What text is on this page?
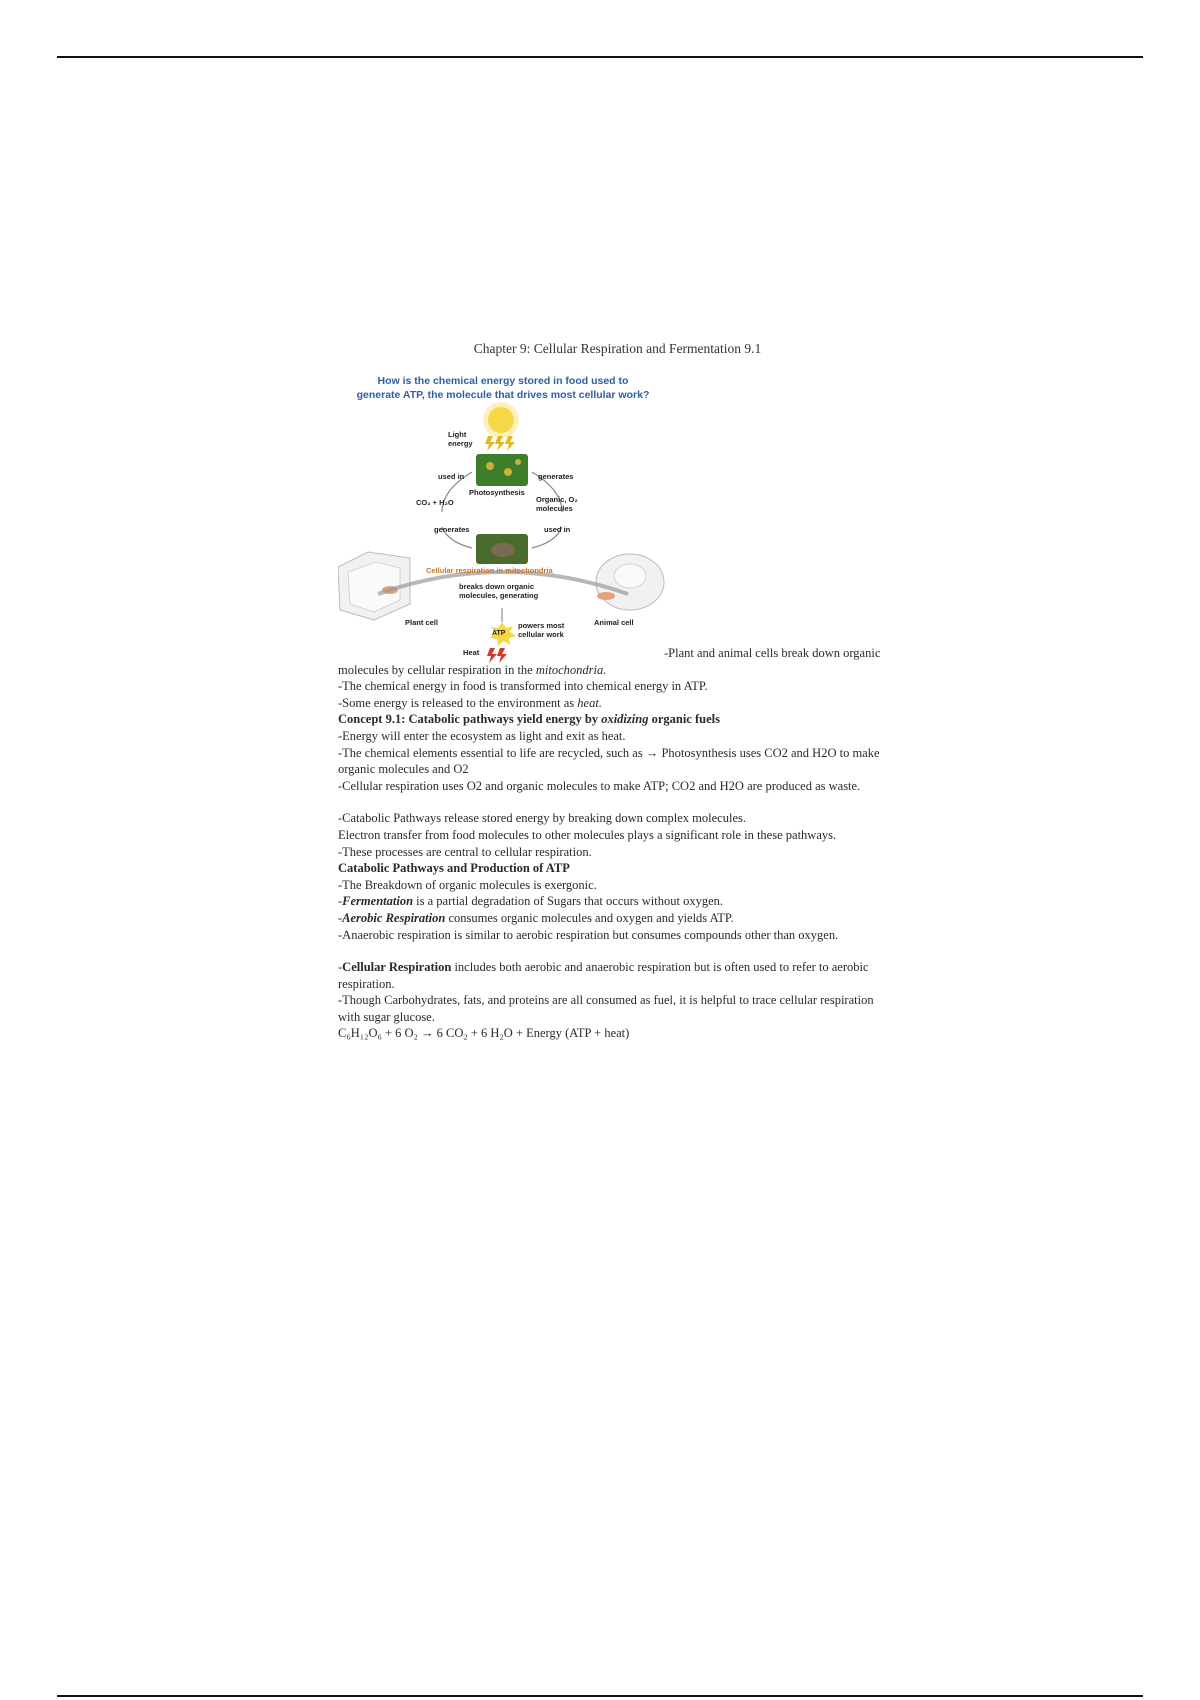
Chapter 9: Cellular Respiration and Fermentation 9.1
How is the chemical energy stored in food used to
generate ATP, the molecule that drives most cellular work?
Light
energy
used in	generates
Photosynthesis
CO₂ + H₂O	Organic, O₂
molecules
generates	used in
Cellular respiration in mitochondria
breaks down organic
molecules, generating
ATP
powers most
cellular work
Plant cell	Animal cell
Heat	-Plant and animal cells break down organic molecules by cellular respiration in the mitochondria.

-The chemical energy in food is transformed into chemical energy in ATP.

-Some energy is released to the environment as heat.

Concept 9.1: Catabolic pathways yield energy by oxidizing organic fuels

-Energy will enter the ecosystem as light and exit as heat.

-The chemical elements essential to life are recycled, such as → Photosynthesis uses CO2 and H2O to make organic molecules and O2

-Cellular respiration uses O2 and organic molecules to make ATP; CO2 and H2O are produced as waste.

-Catabolic Pathways release stored energy by breaking down complex molecules.

Electron transfer from food molecules to other molecules plays a significant role in these pathways.

-These processes are central to cellular respiration.

Catabolic Pathways and Production of ATP

-The Breakdown of organic molecules is exergonic.

-Fermentation is a partial degradation of Sugars that occurs without oxygen.

-Aerobic Respiration consumes organic molecules and oxygen and yields ATP.

-Anaerobic respiration is similar to aerobic respiration but consumes compounds other than oxygen.

-Cellular Respiration includes both aerobic and anaerobic respiration but is often used to refer to aerobic respiration.

-Though Carbohydrates, fats, and proteins are all consumed as fuel, it is helpful to trace cellular respiration with sugar glucose.

C₆H₁₂O₆ + 6 O₂ → 6 CO₂ + 6 H₂O + Energy (ATP + heat)
